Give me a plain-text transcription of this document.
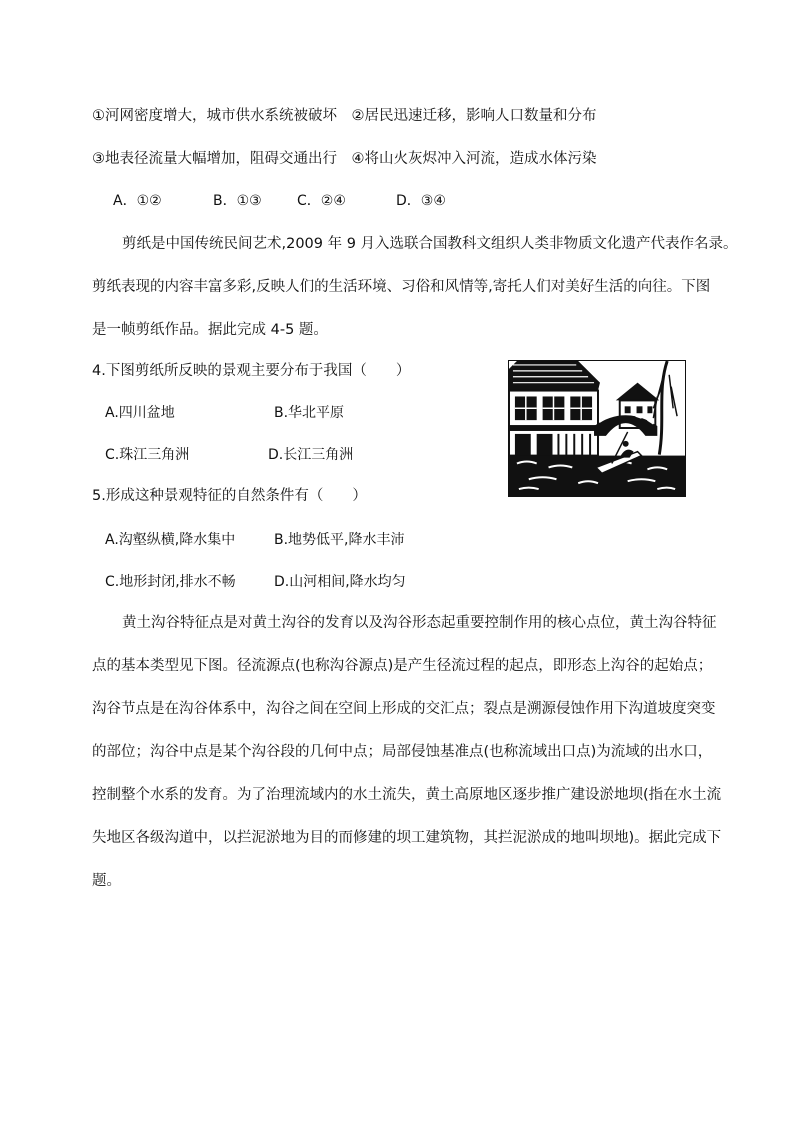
①河网密度增大，城市供水系统被破坏　②居民迅速迁移，影响人口数量和分布
③地表径流量大幅增加，阻碍交通出行　④将山火灰烬冲入河流，造成水体污染
A．①②	B．①③	C．②④	D．③④
剪纸是中国传统民间艺术,2009 年 9 月入选联合国教科文组织人类非物质文化遗产代表作名录。
剪纸表现的内容丰富多彩,反映人们的生活环境、习俗和风情等,寄托人们对美好生活的向往。下图
是一帧剪纸作品。据此完成 4-5 题。
4.下图剪纸所反映的景观主要分布于我国（　　）
A.四川盆地	B.华北平原
C.珠江三角洲	D.长江三角洲
5.形成这种景观特征的自然条件有（　　）
A.沟壑纵横,降水集中	B.地势低平,降水丰沛
C.地形封闭,排水不畅	D.山河相间,降水均匀
黄土沟谷特征点是对黄土沟谷的发育以及沟谷形态起重要控制作用的核心点位，黄土沟谷特征
点的基本类型见下图。径流源点(也称沟谷源点)是产生径流过程的起点，即形态上沟谷的起始点；
沟谷节点是在沟谷体系中，沟谷之间在空间上形成的交汇点；裂点是溯源侵蚀作用下沟道坡度突变
的部位；沟谷中点是某个沟谷段的几何中点；局部侵蚀基准点(也称流域出口点)为流域的出水口，
控制整个水系的发育。为了治理流域内的水土流失，黄土高原地区逐步推广建设淤地坝(指在水土流
失地区各级沟道中，以拦泥淤地为目的而修建的坝工建筑物，其拦泥淤成的地叫坝地)。据此完成下
题。
